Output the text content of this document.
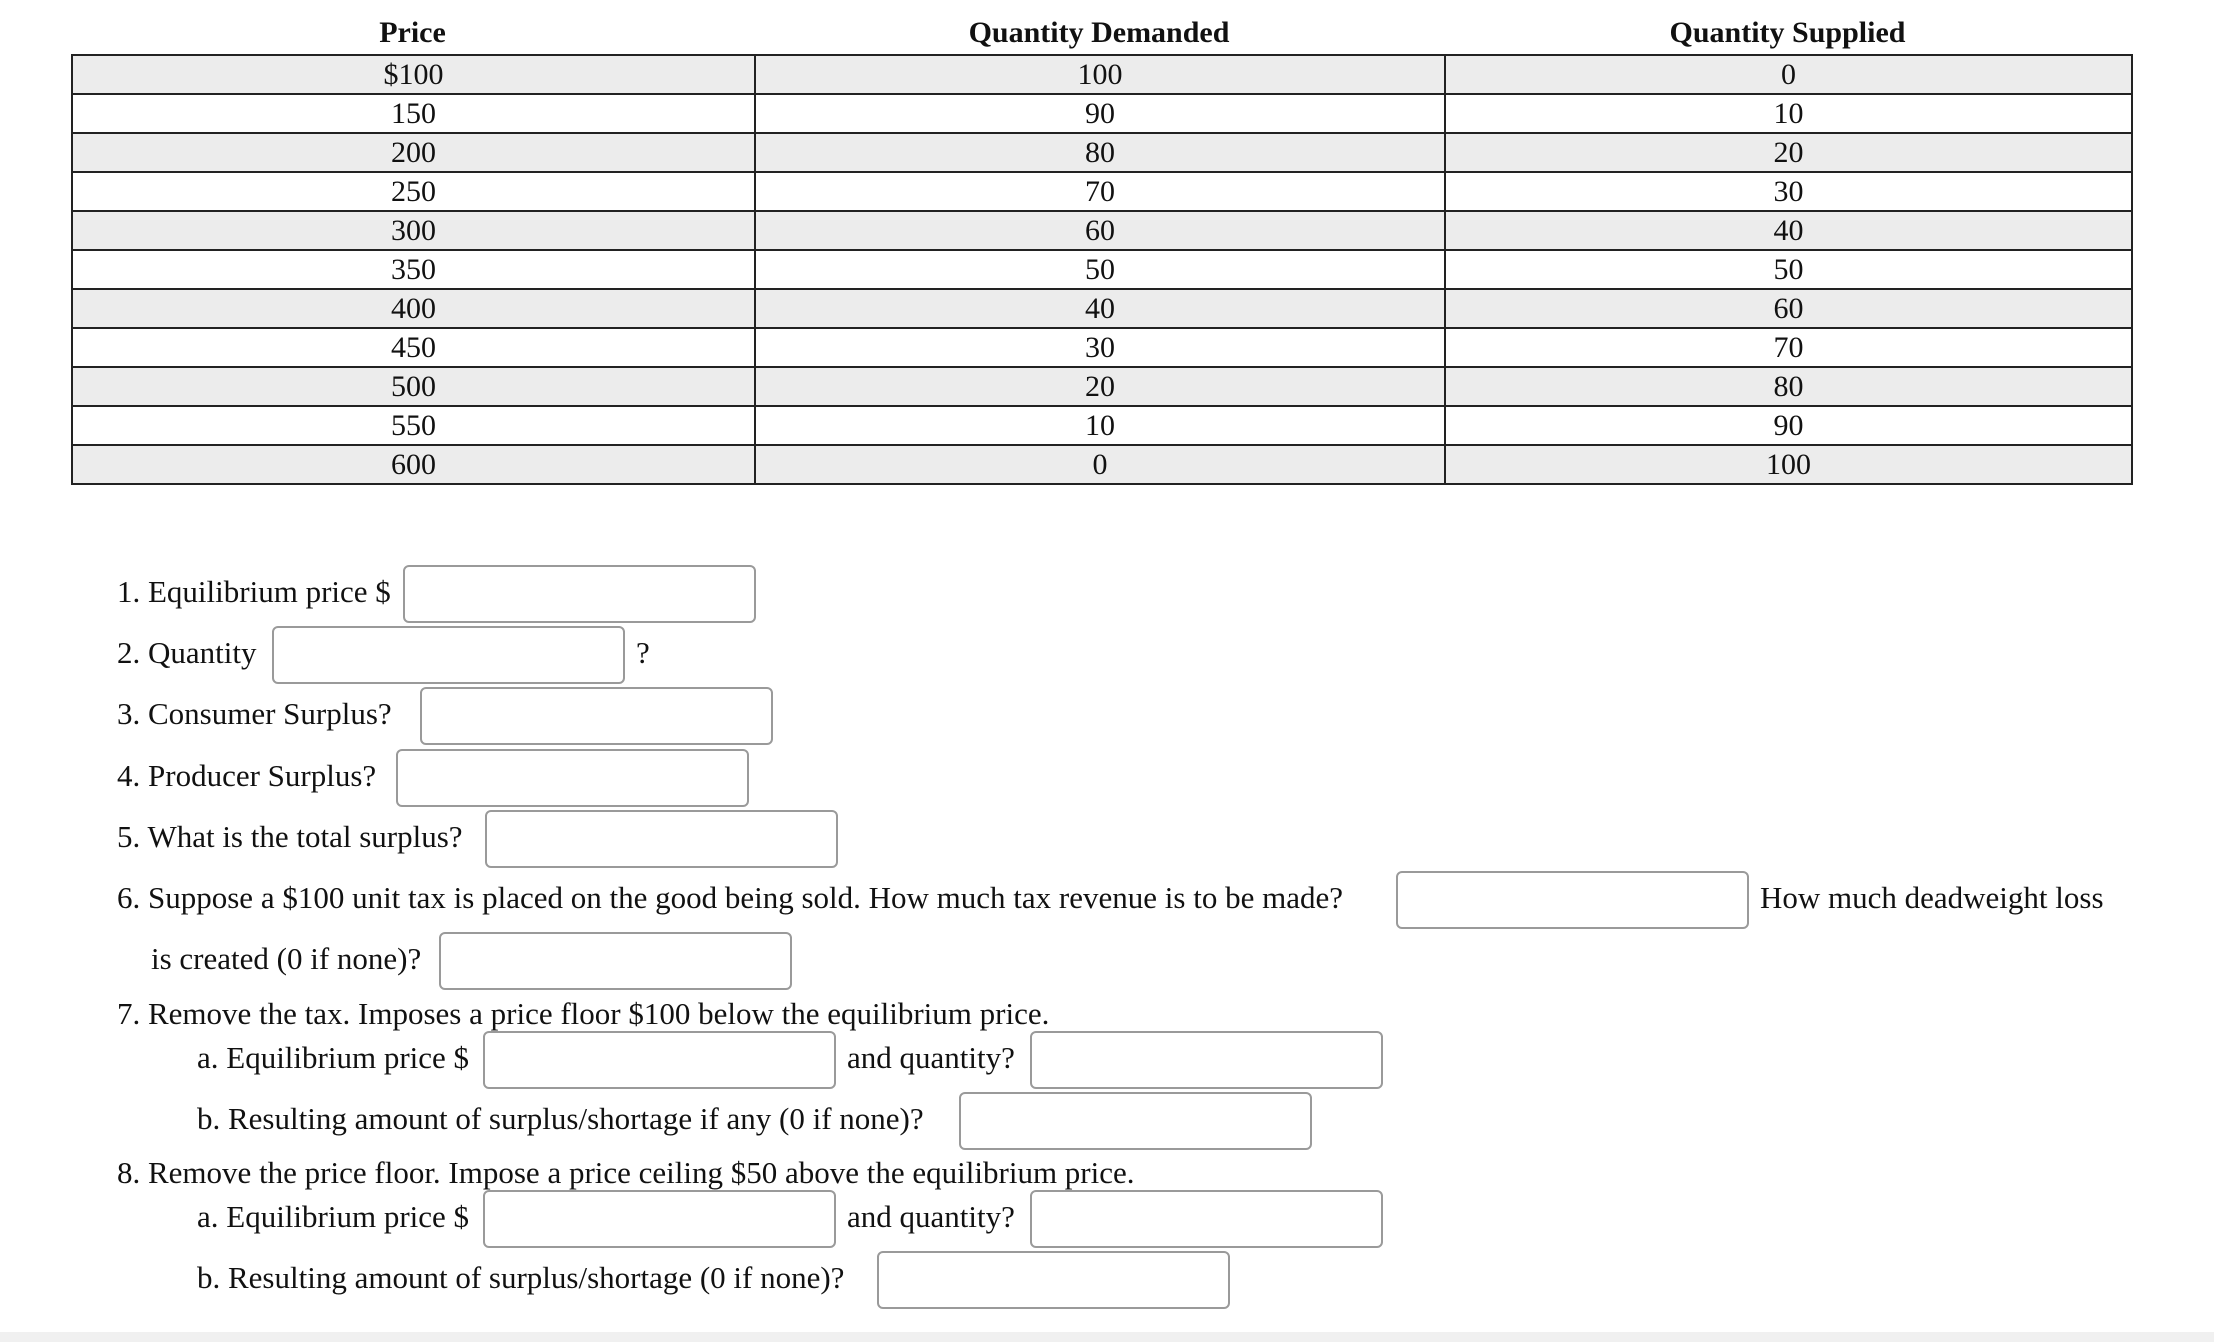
Price	Quantity Demanded	Quantity Supplied
$100	100	0
150	90	10
200	80	20
250	70	30
300	60	40
350	50	50
400	40	60
450	30	70
500	20	80
550	10	90
600	0	100
1. Equilibrium price $
2. Quantity	?
3. Consumer Surplus?
4. Producer Surplus?
5. What is the total surplus?
6. Suppose a $100 unit tax is placed on the good being sold. How much tax revenue is to be made?	How much deadweight loss
is created (0 if none)?
7. Remove the tax. Imposes a price floor $100 below the equilibrium price.
a. Equilibrium price $	and quantity?
b. Resulting amount of surplus/shortage if any (0 if none)?
8. Remove the price floor. Impose a price ceiling $50 above the equilibrium price.
a. Equilibrium price $	and quantity?
b. Resulting amount of surplus/shortage (0 if none)?
